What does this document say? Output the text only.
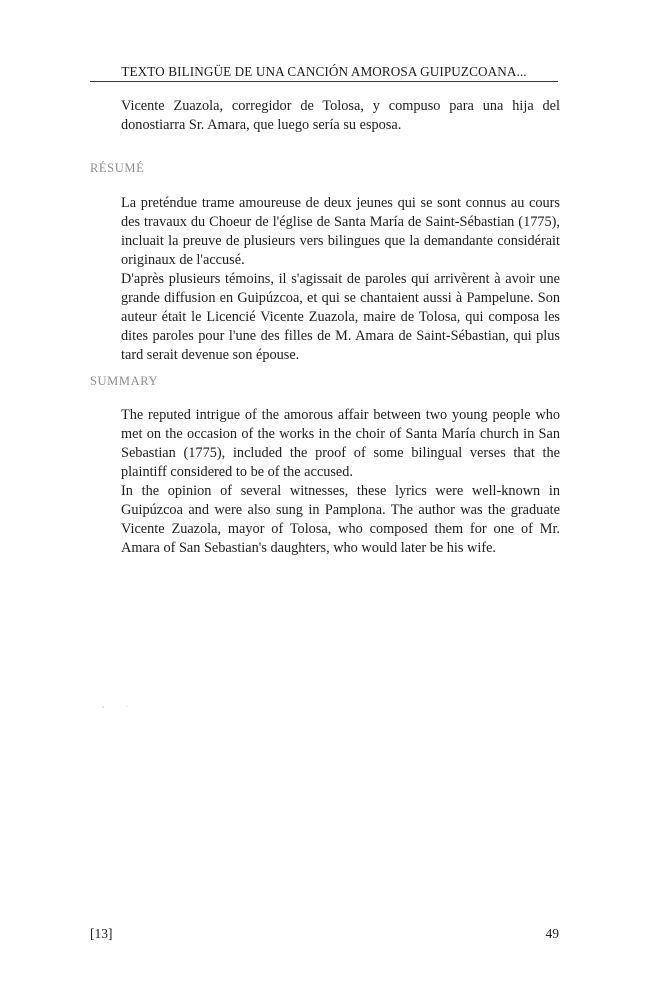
TEXTO BILINGÜE DE UNA CANCIÓN AMOROSA GUIPUZCOANA...

Vicente Zuazola, corregidor de Tolosa, y compuso para una hija del donostiarra Sr. Amara, que luego sería su esposa.

RÉSUMÉ

La preténdue trame amoureuse de deux jeunes qui se sont connus au cours des travaux du Choeur de l'église de Santa María de Saint-Sébastian (1775), incluait la preuve de plusieurs vers bilingues que la demandante considérait originaux de l'accusé.

D'après plusieurs témoins, il s'agissait de paroles qui arrivèrent à avoir une grande diffusion en Guipúzcoa, et qui se chantaient aussi à Pampelune. Son auteur était le Licencié Vicente Zuazola, maire de Tolosa, qui composa les dites paroles pour l'une des filles de M. Amara de Saint-Sébastian, qui plus tard serait devenue son épouse.

SUMMARY

The reputed intrigue of the amorous affair between two young people who met on the occasion of the works in the choir of Santa María church in San Sebastian (1775), included the proof of some bilingual verses that the plaintiff considered to be of the accused.

In the opinion of several witnesses, these lyrics were well-known in Guipúzcoa and were also sung in Pamplona. The author was the graduate Vicente Zuazola, mayor of Tolosa, who composed them for one of Mr. Amara of San Sebastian's daughters, who would later be his wife.

[13]	49
